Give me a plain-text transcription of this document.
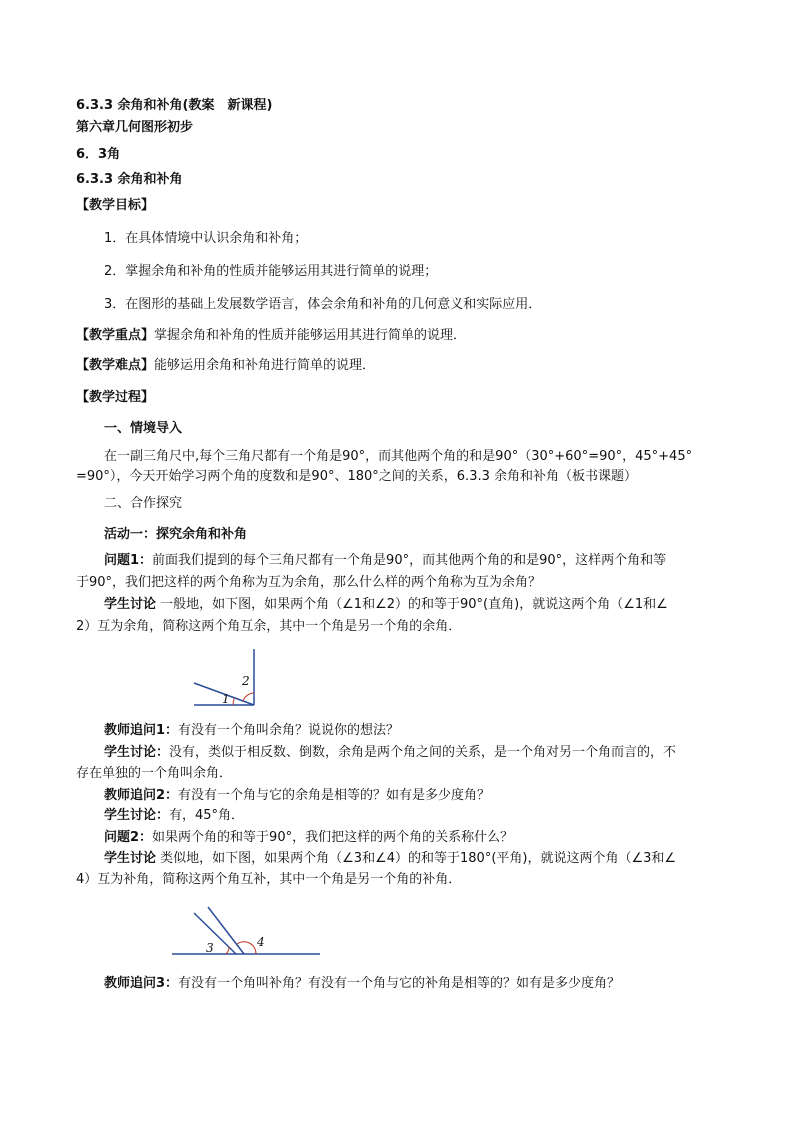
6.3.3 余角和补角(教案　新课程)
第六章几何图形初步
6．3角
6.3.3 余角和补角
【教学目标】
1．在具体情境中认识余角和补角；
2．掌握余角和补角的性质并能够运用其进行简单的说理；
3．在图形的基础上发展数学语言，体会余角和补角的几何意义和实际应用．
【教学重点】掌握余角和补角的性质并能够运用其进行简单的说理．
【教学难点】能够运用余角和补角进行简单的说理．
【教学过程】
一、情境导入
在一副三角尺中,每个三角尺都有一个角是90°，而其他两个角的和是90°（30°+60°=90°，45°+45°
=90°），今天开始学习两个角的度数和是90°、180°之间的关系，6.3.3 余角和补角（板书课题）
二、合作探究
活动一：探究余角和补角
问题1：前面我们提到的每个三角尺都有一个角是90°，而其他两个角的和是90°，这样两个角和等
于90°，我们把这样的两个角称为互为余角，那么什么样的两个角称为互为余角？
学生讨论 一般地，如下图，如果两个角（∠1和∠2）的和等于90°(直角)，就说这两个角（∠1和∠
2）互为余角，简称这两个角互余，其中一个角是另一个角的余角．
1
2
教师追问1：有没有一个角叫余角？说说你的想法？
学生讨论：没有，类似于相反数、倒数，余角是两个角之间的关系，是一个角对另一个角而言的，不
存在单独的一个角叫余角．
教师追问2：有没有一个角与它的余角是相等的？如有是多少度角？
学生讨论：有，45°角．
问题2：如果两个角的和等于90°，我们把这样的两个角的关系称什么？
学生讨论 类似地，如下图，如果两个角（∠3和∠4）的和等于180°(平角)，就说这两个角（∠3和∠
4）互为补角，简称这两个角互补，其中一个角是另一个角的补角．
3	4
教师追问3：有没有一个角叫补角？有没有一个角与它的补角是相等的？如有是多少度角？
